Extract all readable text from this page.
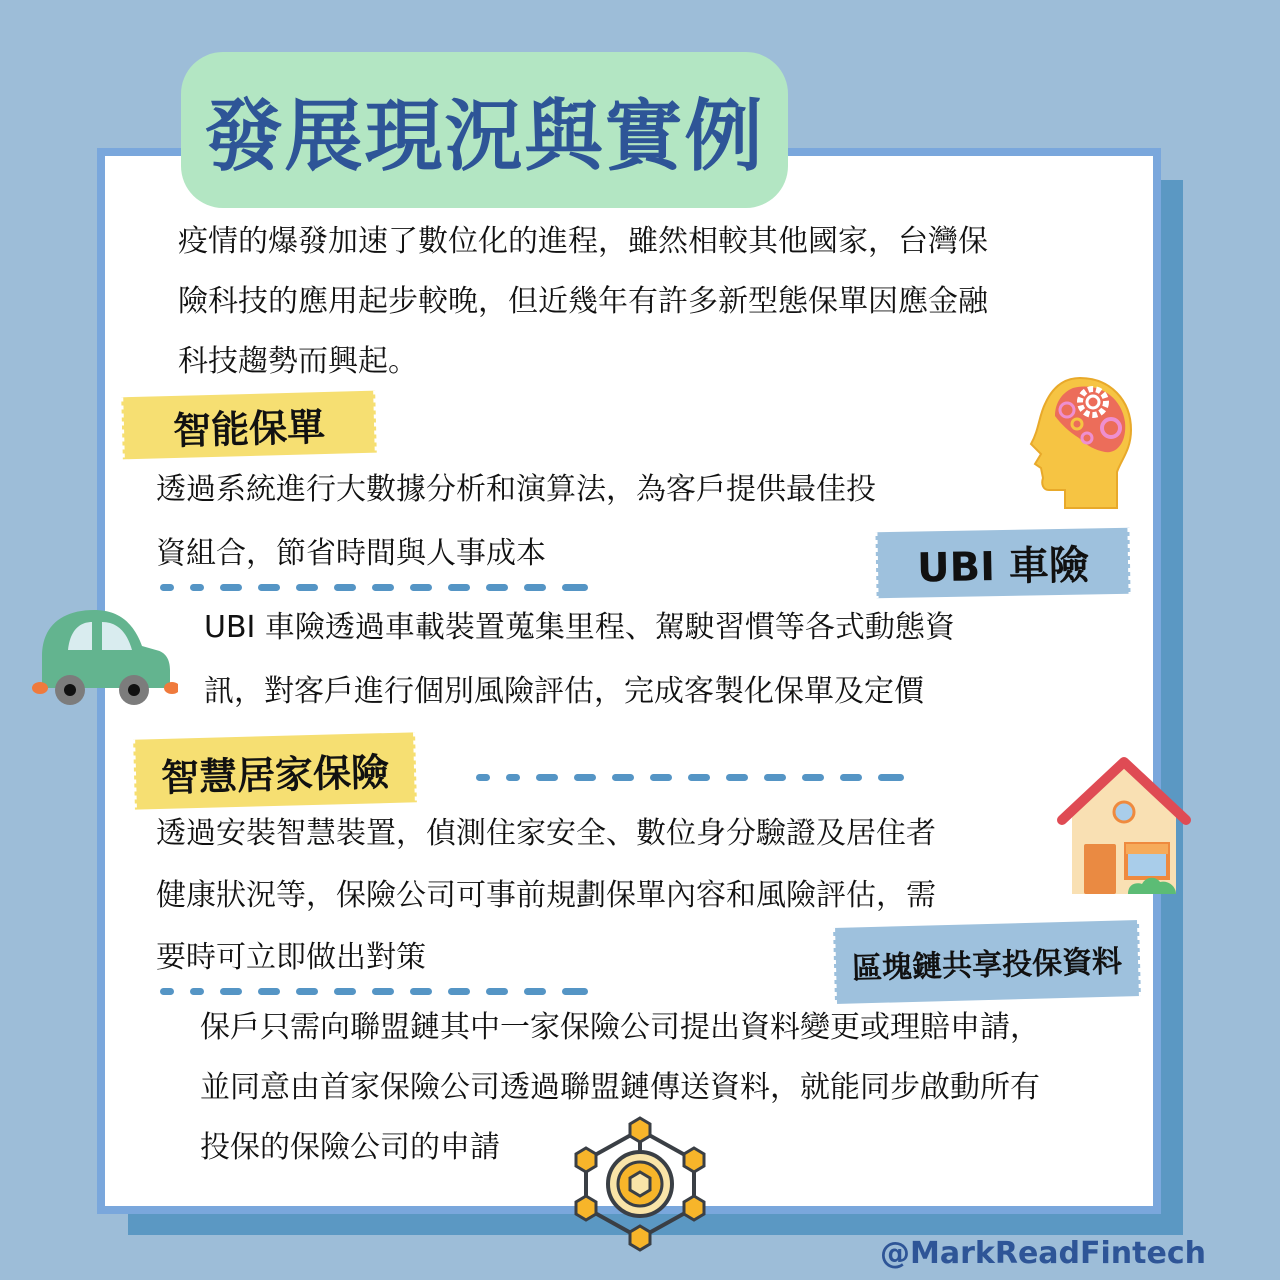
發展現況與實例

疫情的爆發加速了數位化的進程，雖然相較其他國家，台灣保

險科技的應用起步較晚，但近幾年有許多新型態保單因應金融

科技趨勢而興起。

智能保單

透過系統進行大數據分析和演算法，為客戶提供最佳投

資組合，節省時間與人事成本	UBI 車險

UBI 車險透過車載裝置蒐集里程、駕駛習慣等各式動態資

訊，對客戶進行個別風險評估，完成客製化保單及定價

智慧居家保險

透過安裝智慧裝置，偵測住家安全、數位身分驗證及居住者

健康狀況等，保險公司可事前規劃保單內容和風險評估，需

要時可立即做出對策	區塊鏈共享投保資料

保戶只需向聯盟鏈其中一家保險公司提出資料變更或理賠申請，

並同意由首家保險公司透過聯盟鏈傳送資料，就能同步啟動所有

投保的保險公司的申請

@MarkReadFintech
